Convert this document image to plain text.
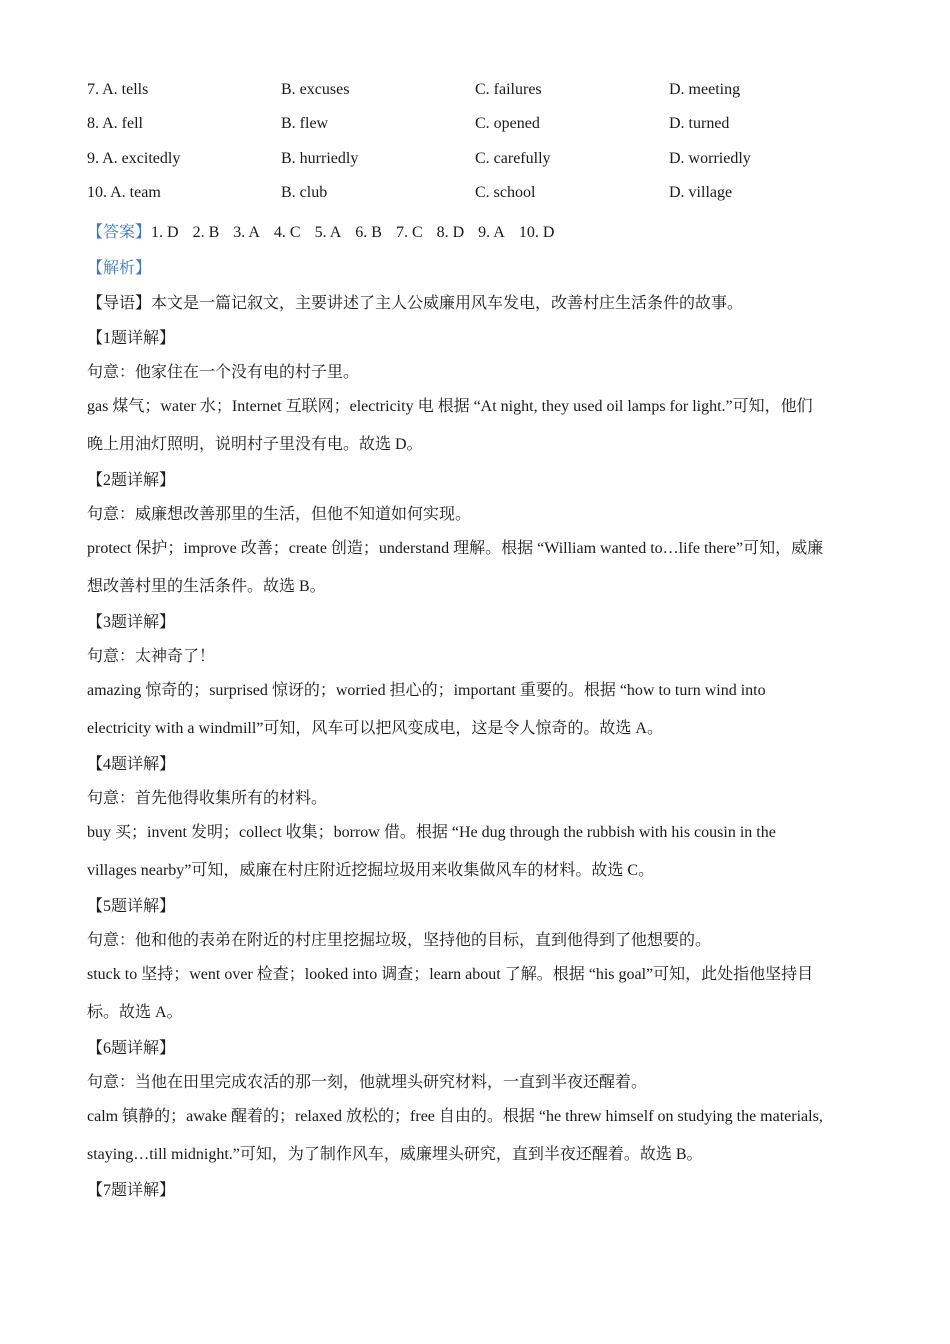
7. A. tells	B. excuses	C. failures	D. meeting
8. A. fell	B. flew	C. opened	D. turned
9. A. excitedly	B. hurriedly	C. carefully	D. worriedly
10. A. team	B. club	C. school	D. village
【答案】1. D 2. B 3. A 4. C 5. A 6. B 7. C 8. D 9. A 10. D
【解析】
【导语】本文是一篇记叙文，主要讲述了主人公威廉用风车发电，改善村庄生活条件的故事。
【1题详解】
句意：他家住在一个没有电的村子里。
gas 煤气；water 水；Internet 互联网；electricity 电 根据 “At night, they used oil lamps for light.”可知，他们
晚上用油灯照明，说明村子里没有电。故选 D。
【2题详解】
句意：威廉想改善那里的生活，但他不知道如何实现。
protect 保护；improve 改善；create 创造；understand 理解。根据 “William wanted to…life there”可知，威廉
想改善村里的生活条件。故选 B。
【3题详解】
句意：太神奇了！
amazing 惊奇的；surprised 惊讶的；worried 担心的；important 重要的。根据 “how to turn wind into
electricity with a windmill”可知，风车可以把风变成电，这是令人惊奇的。故选 A。
【4题详解】
句意：首先他得收集所有的材料。
buy 买；invent 发明；collect 收集；borrow 借。根据 “He dug through the rubbish with his cousin in the
villages nearby”可知，威廉在村庄附近挖掘垃圾用来收集做风车的材料。故选 C。
【5题详解】
句意：他和他的表弟在附近的村庄里挖掘垃圾，坚持他的目标，直到他得到了他想要的。
stuck to 坚持；went over 检查；looked into 调查；learn about 了解。根据 “his goal”可知，此处指他坚持目
标。故选 A。
【6题详解】
句意：当他在田里完成农活的那一刻，他就埋头研究材料，一直到半夜还醒着。
calm 镇静的；awake 醒着的；relaxed 放松的；free 自由的。根据 “he threw himself on studying the materials,
staying…till midnight.”可知，为了制作风车，威廉埋头研究，直到半夜还醒着。故选 B。
【7题详解】
